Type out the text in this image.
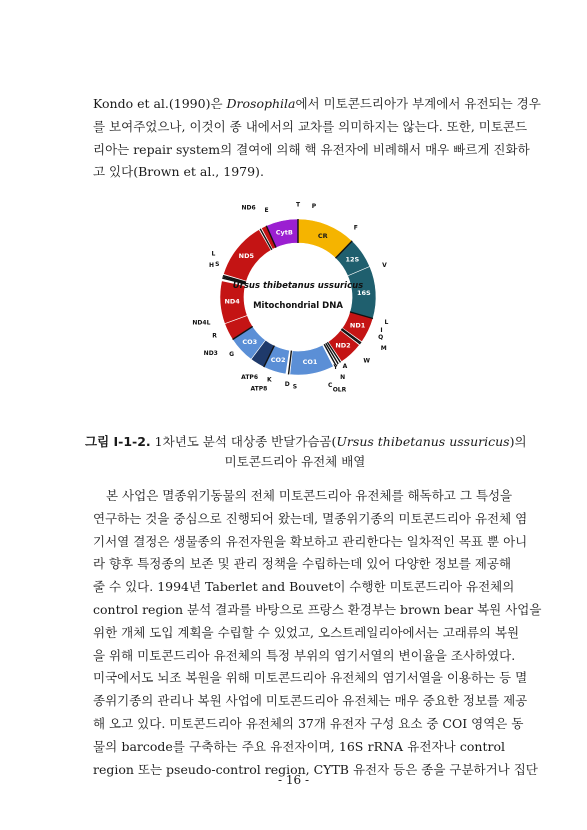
Kondo et al.(1990)은 Drosophila에서 미토콘드리아가 부계에서 유전되는 경우
를 보여주었으나, 이것이 종 내에서의 교차를 의미하지는 않는다. 또한, 미토콘드
리아는 repair system의 결여에 의해 핵 유전자에 비례해서 매우 빠르게 진화하
고 있다(Brown et al., 1979).
CR
12S
16S
ND1
ND2
CO1
CO2
CO3
ND4
ND5
CytB
T P
F
V
L
Q
I
M
W
A
N
OLR
C
Y
S
D
K
ATP8
ATP6
G
ND3
R
ND4L
H S
L
E
ND6
Ursus thibetanus ussuricus
Mitochondrial DNA
그림 Ⅰ-1-2. 1차년도 분석 대상종 반달가슴곰(Ursus thibetanus ussuricus)의
미토콘드리아 유전체 배열
본 사업은 멸종위기동물의 전체 미토콘드리아 유전체를 해독하고 그 특성을
연구하는 것을 중심으로 진행되어 왔는데, 멸종위기종의 미토콘드리아 유전체 염
기서열 결정은 생물종의 유전자원을 확보하고 관리한다는 일차적인 목표 뿐 아니
라 향후 특정종의 보존 및 관리 정책을 수립하는데 있어 다양한 정보를 제공해
줄 수 있다. 1994년 Taberlet and Bouvet이 수행한 미토콘드리아 유전체의
control region 분석 결과를 바탕으로 프랑스 환경부는 brown bear 복원 사업을
위한 개체 도입 계획을 수립할 수 있었고, 오스트레일리아에서는 고래류의 복원
을 위해 미토콘드리아 유전체의 특정 부위의 염기서열의 변이율을 조사하였다.
미국에서도 뇌조 복원을 위해 미토콘드리아 유전체의 염기서열을 이용하는 등 멸
종위기종의 관리나 복원 사업에 미토콘드리아 유전체는 매우 중요한 정보를 제공
해 오고 있다. 미토콘드리아 유전체의 37개 유전자 구성 요소 중 COI 영역은 동
물의 barcode를 구축하는 주요 유전자이며, 16S rRNA 유전자나 control
region 또는 pseudo-control region, CYTB 유전자 등은 종을 구분하거나 집단
- 16 -
